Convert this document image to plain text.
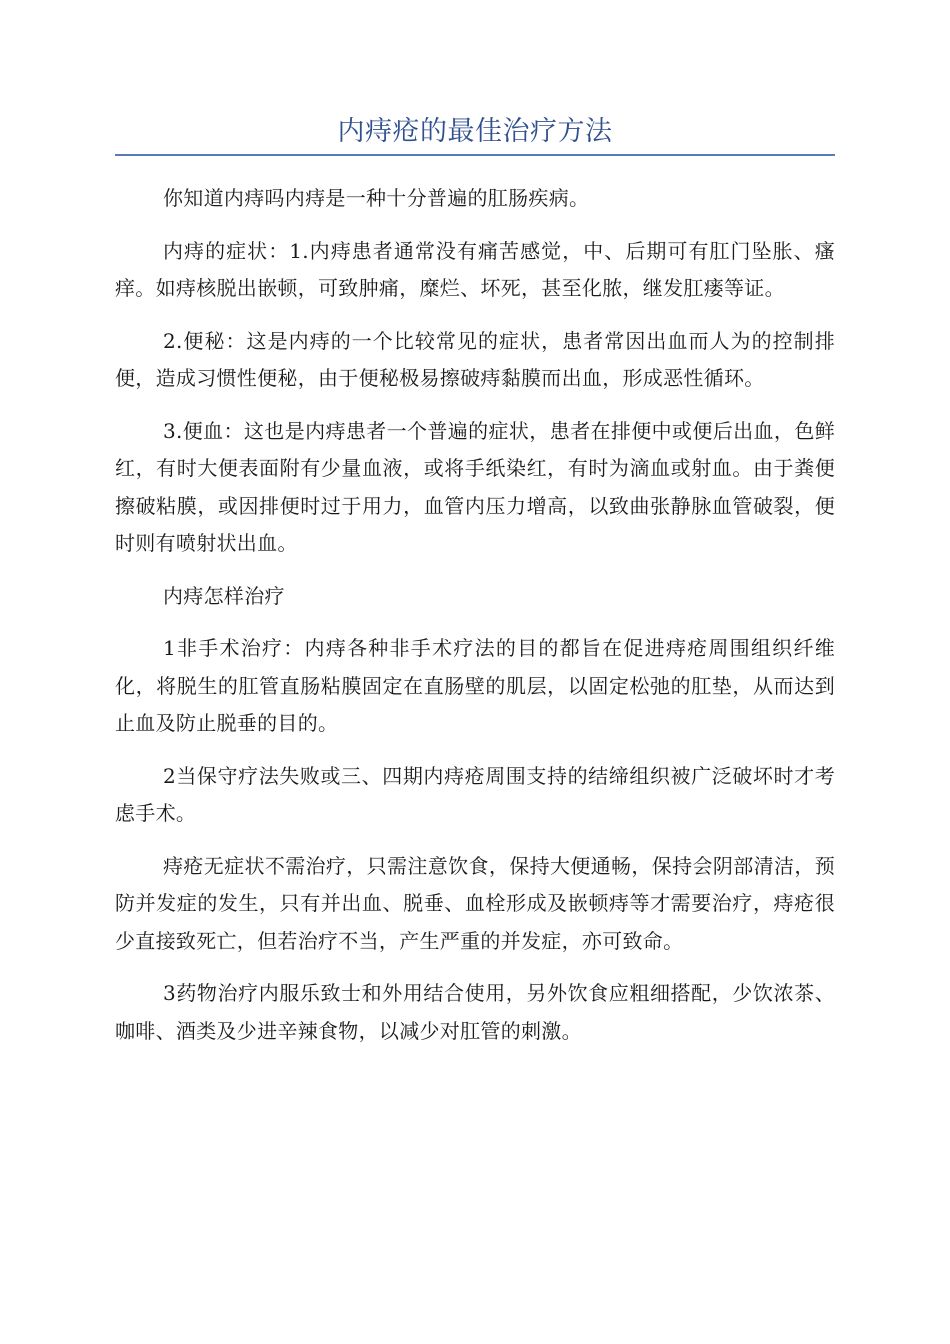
内痔疮的最佳治疗方法

你知道内痔吗内痔是一种十分普遍的肛肠疾病。

内痔的症状：1.内痔患者通常没有痛苦感觉，中、后期可有肛门坠胀、瘙痒。如痔核脱出嵌顿，可致肿痛，糜烂、坏死，甚至化脓，继发肛瘘等证。

2.便秘：这是内痔的一个比较常见的症状，患者常因出血而人为的控制排便，造成习惯性便秘，由于便秘极易擦破痔黏膜而出血，形成恶性循环。

3.便血：这也是内痔患者一个普遍的症状，患者在排便中或便后出血，色鲜红，有时大便表面附有少量血液，或将手纸染红，有时为滴血或射血。由于粪便擦破粘膜，或因排便时过于用力，血管内压力增高，以致曲张静脉血管破裂，便时则有喷射状出血。

内痔怎样治疗

1非手术治疗：内痔各种非手术疗法的目的都旨在促进痔疮周围组织纤维化，将脱生的肛管直肠粘膜固定在直肠壁的肌层，以固定松弛的肛垫，从而达到止血及防止脱垂的目的。

2当保守疗法失败或三、四期内痔疮周围支持的结缔组织被广泛破坏时才考虑手术。

痔疮无症状不需治疗，只需注意饮食，保持大便通畅，保持会阴部清洁，预防并发症的发生，只有并出血、脱垂、血栓形成及嵌顿痔等才需要治疗，痔疮很少直接致死亡，但若治疗不当，产生严重的并发症，亦可致命。

3药物治疗内服乐致士和外用结合使用，另外饮食应粗细搭配，少饮浓茶、咖啡、酒类及少进辛辣食物，以减少对肛管的刺激。
